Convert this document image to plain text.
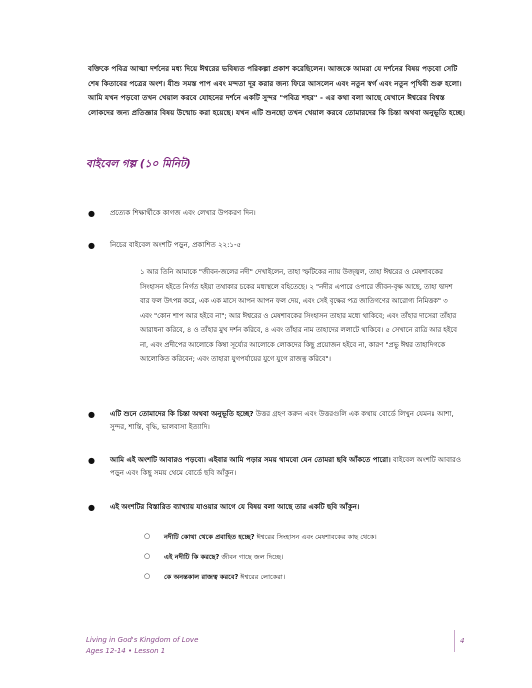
বক্তিকে পবিত্র আত্মা দর্শনের মধ্য দিয়ে ঈশ্বরের ভবিষ্যত পরিকল্পা প্রকাশ করেছিলেন। আজকে আমরা যে দর্শনের বিষয় পড়বো সেটি শেষ কিতাবের পত্রের অংশ। যীশু সমস্ত পাপ এবং মন্দতা দূর করার জন্য ফিরে আসলেন এবং নতুন স্বর্গ এবং নতুন পৃথিবী শুরু হলো। আমি যখন পড়বো তখন খেয়াল করবে যোহনের দর্শনে একটি সুন্দর "পবিত্র শহর" - এর কথা বলা আছে যেখানে ঈশ্বরের বিশ্বস্ত লোকদের জন্য প্রতিজ্ঞার বিষয় উন্মোচ করা হয়েছে। যখন এটি শুনছো তখন খেয়াল করবে তোমারদের কি চিন্তা অথবা অনুভূতি হচ্ছে।
বাইবেল গল্প (১০ মিনিট)
● প্রত্যেক শিক্ষার্থীকে কাগজ এবং লেখার উপকরণ দিন।
● নিচের বাইবেল অংশটি পড়ুন, প্রকাশিত ২২:১-৫
১ আর তিনি আমাকে "জীবন-জলের নদী" দেখাইলেন, তাহা স্ফটিকের ন্যায় উজ্জ্বল, তাহা ঈশ্বরের ও মেষশাবকের সিংহাসন হইতে নির্গত হইয়া তথাকার চকের মধ্যস্থলে বহিতেছে। ২ "নদীর এপারে ওপারে জীবন-বৃক্ষ আছে, তাহা দ্বাদশ বার ফল উৎপন্ন করে, এক এক মাসে আপন আপন ফল দেয়, এবং সেই বৃক্ষের পত্র জাতিগণের আরোগ্য নিমিত্তক" ৩ এবং "কোন শাপ আর হইবে না"; আর ঈশ্বরের ও মেষশাবকের সিংহাসন তাহার মধ্যে থাকিবে; এবং তাঁহার দাসেরা তাঁহার আরাধনা করিবে, ৪ ও তাঁহার মুখ দর্শন করিবে, ৪ এবং তাঁহার নাম তাহাদের ললাটে থাকিবে। ৫ সেখানে রাত্রি আর হইবে না, এবং প্রদীপের আলোকে কিম্বা সূর্য্যের আলোকে লোকদের কিছু প্রয়োজন হইবে না, কারণ "প্রভু ঈশ্বর তাহাদিগকে আলোকিত করিবেন; এবং তাহারা যুগপর্যায়ের যুগে যুগে রাজত্ব করিবে"।
● এটি শুনে তোমাদের কি চিন্তা অথবা অনুভূতি হচ্ছে? উত্তর গ্রহণ করুন এবং উত্তরগুলি এক কথায় বোর্ডে লিখুন যেমনঃ আশা, সুন্দর, শান্তি, বৃদ্ধি, ভালবাসা ইত্যাদি।
● আমি এই অংশটি আবারও পড়বো। এইবার আমি পড়ার সময় থামবো যেন তোমরা ছবি আঁকতে পারো। বাইবেল অংশটি আবারও পড়ুন এবং কিছু সময় থেমে বোর্ডে ছবি আঁকুন।
● এই অংশটির বিস্তারিত ব্যাখ্যায় যাওয়ার আগে যে বিষয় বলা আছে তার একটি ছবি আঁকুন।
○ নদীটি কোথা থেকে প্রবাহিত হচ্ছে? ঈশ্বরের সিংহাসন এবং মেষশাবকের কাছ থেকে।
○ এই নদীটি কি করছে? জীবন গাছে জল দিচ্ছে।
○ কে অনন্তকাল রাজত্ব করবে? ঈশ্বরের লোকেরা।
Living in God's Kingdom of Love
Ages 12-14 • Lesson 1
4
